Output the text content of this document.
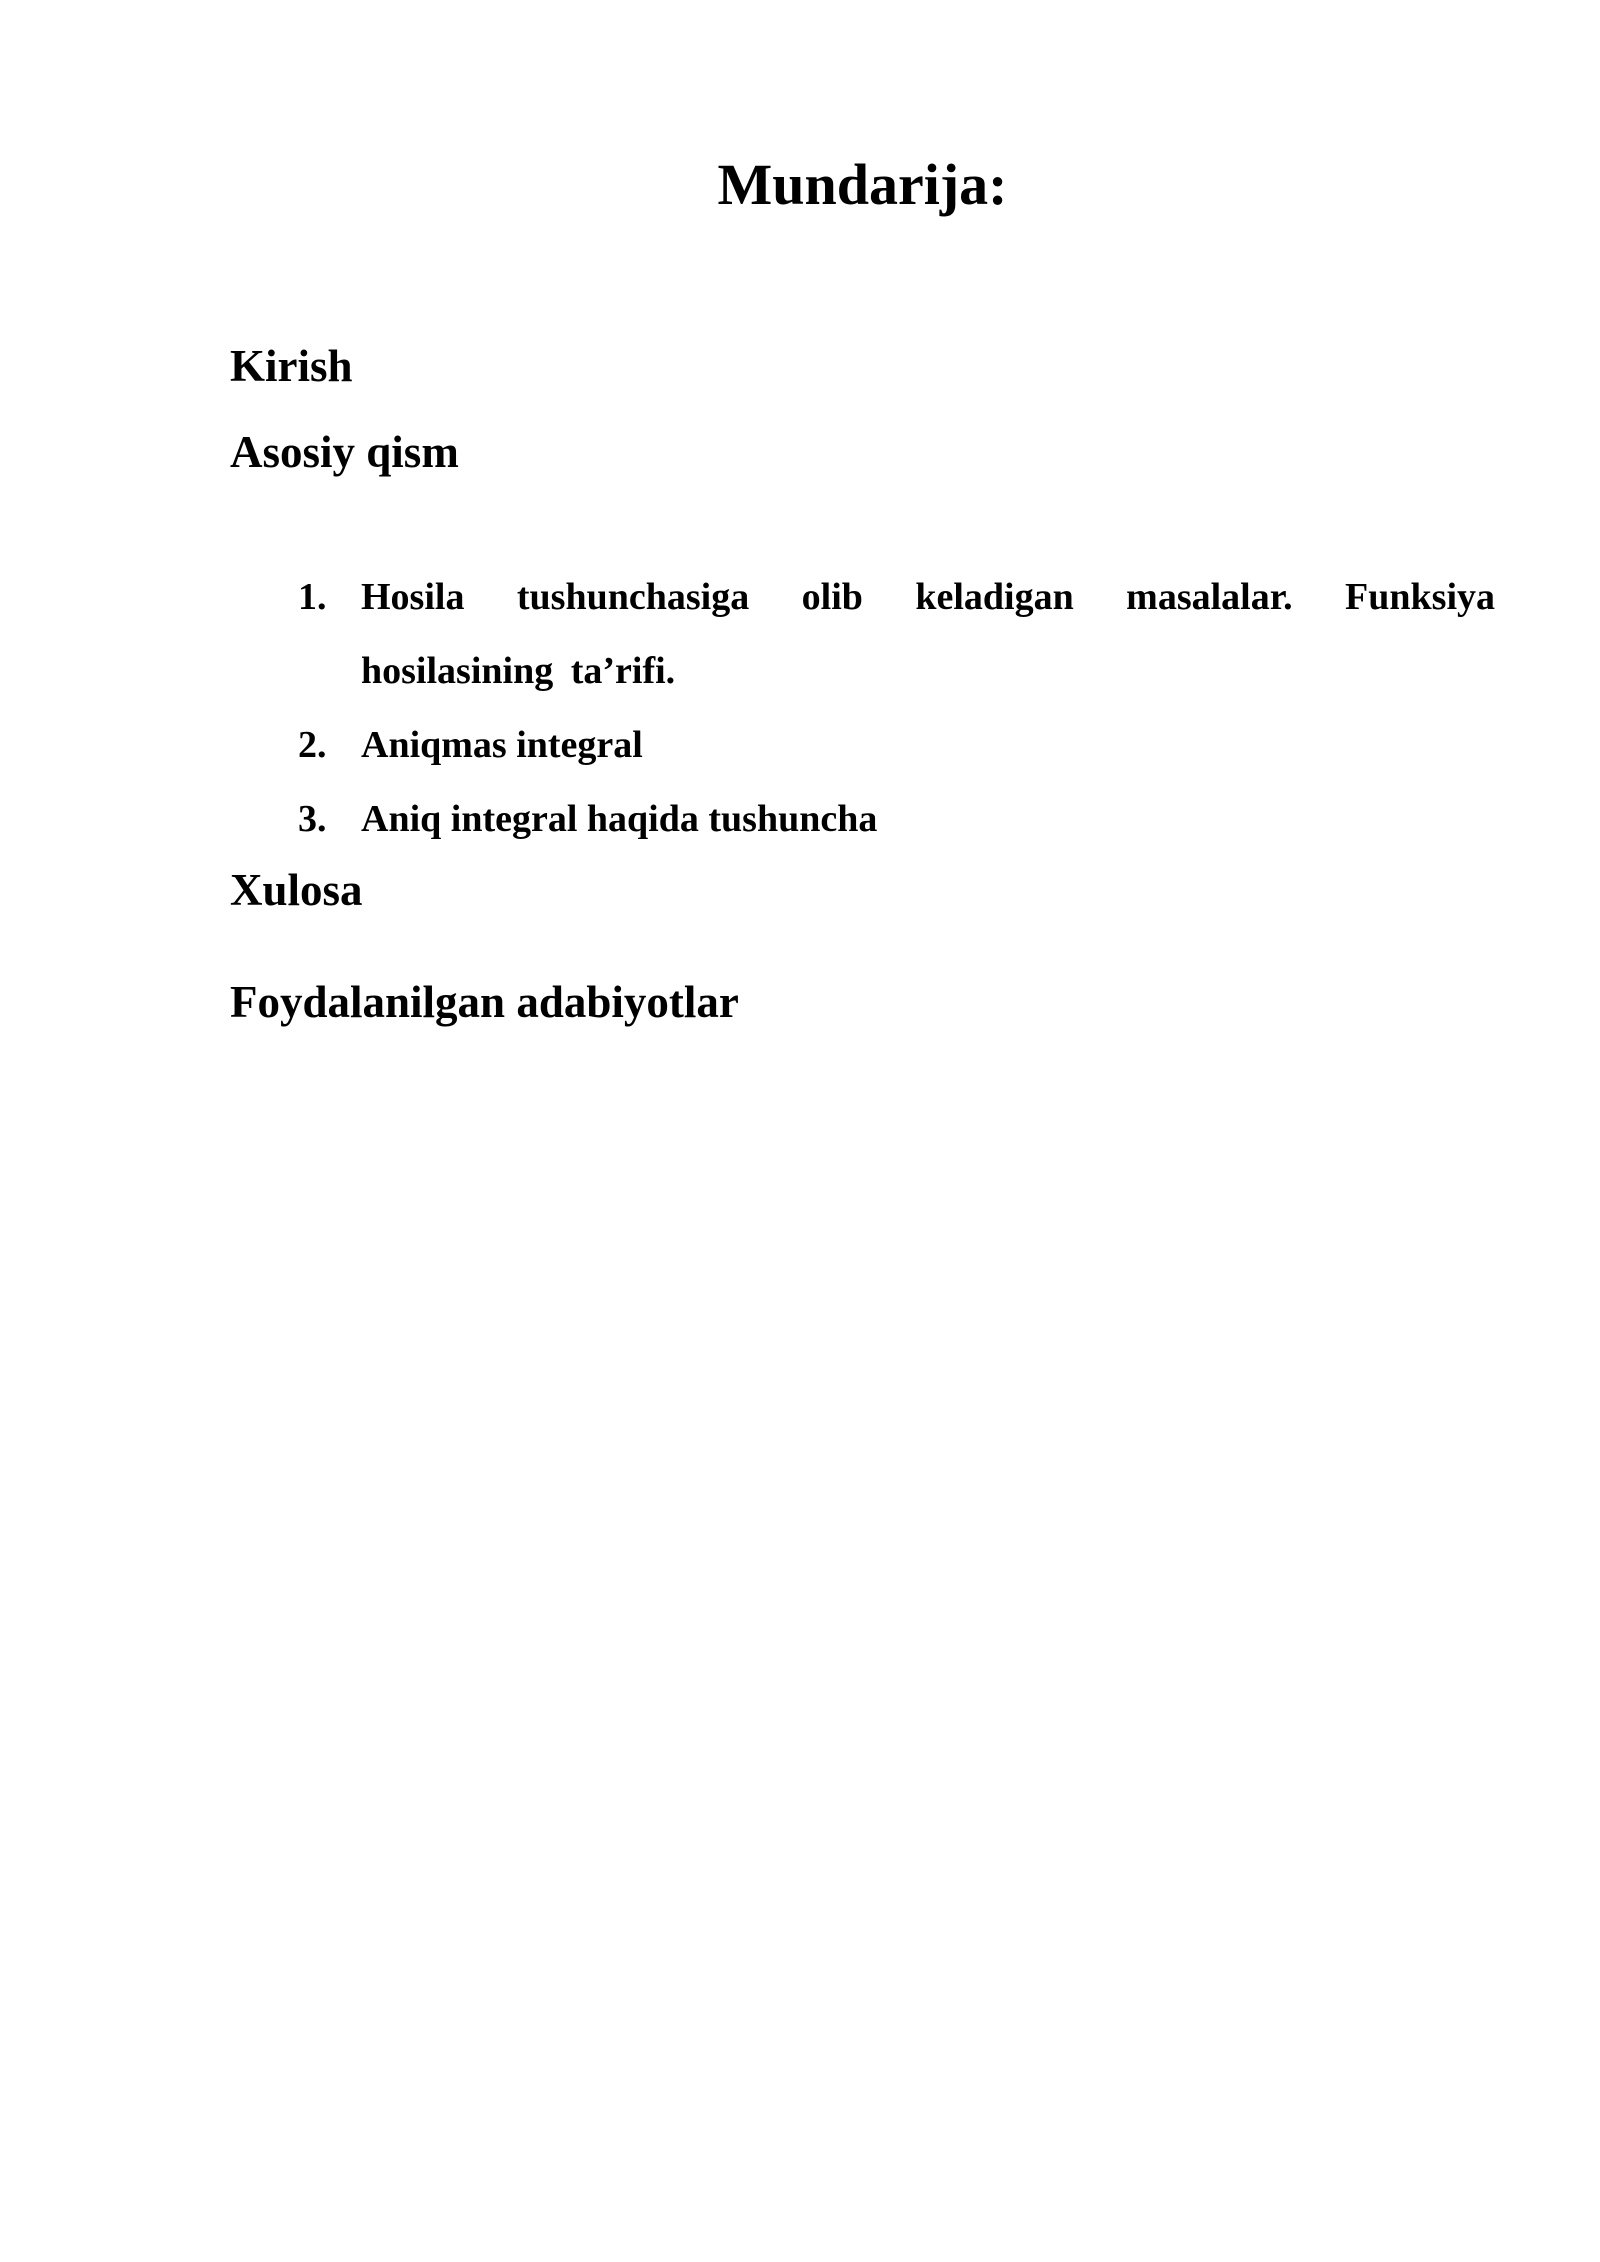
Mundarija:
Kirish
Asosiy qism
1. Hosila tushunchasiga olib keladigan masalalar. Funksiya hosilasining ta’rifi.
2. Aniqmas integral
3. Aniq integral haqida tushuncha
Xulosa
Foydalanilgan adabiyotlar
